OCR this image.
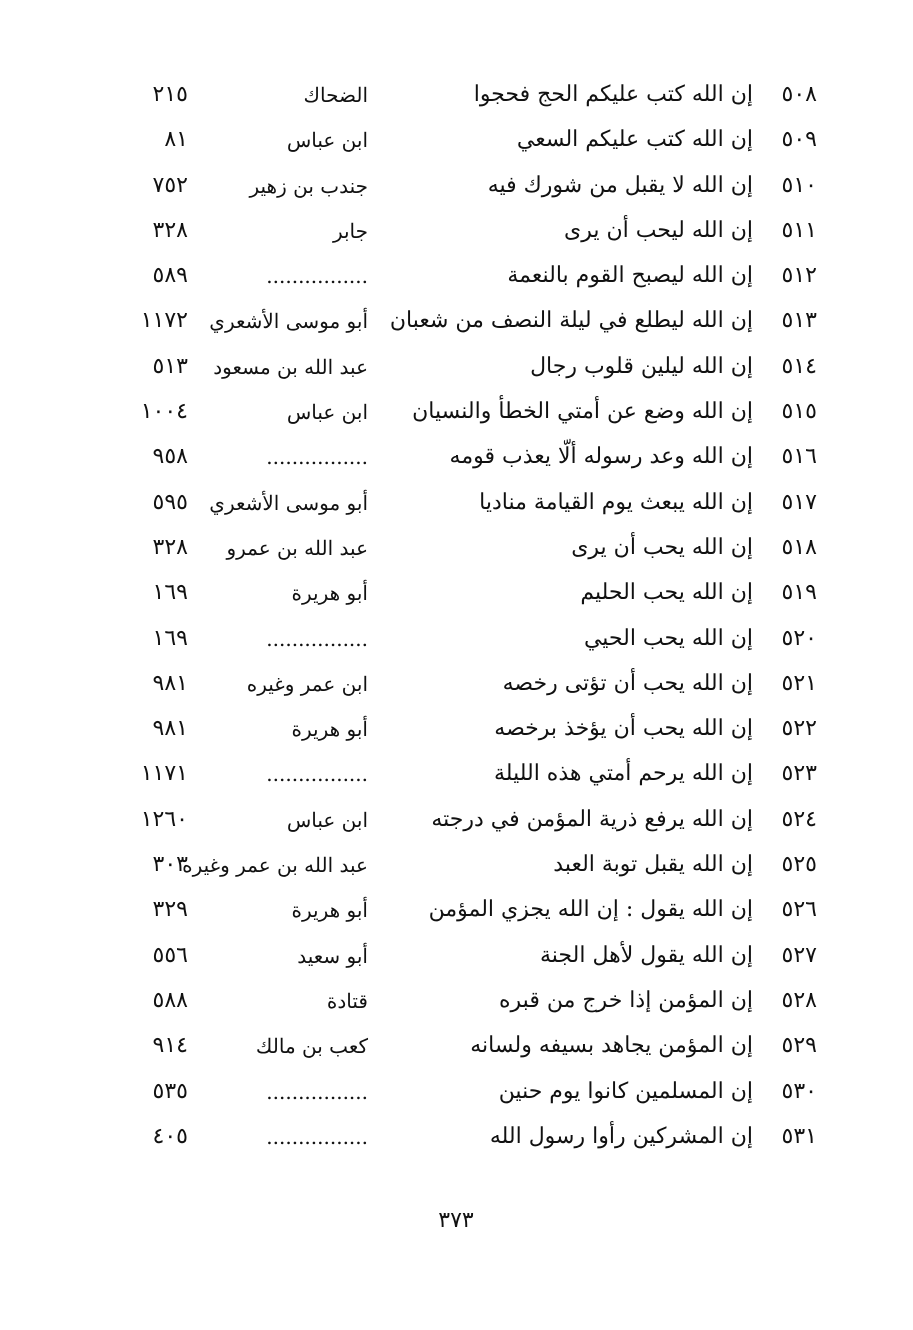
٥٠٨
إن الله كتب عليكم الحج فحجوا
الضحاك
٢١٥
٥٠٩
إن الله كتب عليكم السعي
ابن عباس
٨١
٥١٠
إن الله لا يقبل من شورك فيه
جندب بن زهير
٧٥٢
٥١١
إن الله ليحب أن يرى
جابر
٣٢٨
٥١٢
إن الله ليصبح القوم بالنعمة
................
٥٨٩
٥١٣
إن الله ليطلع في ليلة النصف من شعبان
أبو موسى الأشعري
١١٧٢
٥١٤
إن الله ليلين قلوب رجال
عبد الله بن مسعود
٥١٣
٥١٥
إن الله وضع عن أمتي الخطأ والنسيان
ابن عباس
١٠٠٤
٥١٦
إن الله وعد رسوله ألّا يعذب قومه
................
٩٥٨
٥١٧
إن الله يبعث يوم القيامة مناديا
أبو موسى الأشعري
٥٩٥
٥١٨
إن الله يحب أن يرى
عبد الله بن عمرو
٣٢٨
٥١٩
إن الله يحب الحليم
أبو هريرة
١٦٩
٥٢٠
إن الله يحب الحيي
................
١٦٩
٥٢١
إن الله يحب أن تؤتى رخصه
ابن عمر وغيره
٩٨١
٥٢٢
إن الله يحب أن يؤخذ برخصه
أبو هريرة
٩٨١
٥٢٣
إن الله يرحم أمتي هذه الليلة
................
١١٧١
٥٢٤
إن الله يرفع ذرية المؤمن في درجته
ابن عباس
١٢٦٠
٥٢٥
إن الله يقبل توبة العبد
عبد الله بن عمر وغيره
٣٠٣
٥٢٦
إن الله يقول : إن الله يجزي المؤمن
أبو هريرة
٣٢٩
٥٢٧
إن الله يقول لأهل الجنة
أبو سعيد
٥٥٦
٥٢٨
إن المؤمن إذا خرج من قبره
قتادة
٥٨٨
٥٢٩
إن المؤمن يجاهد بسيفه ولسانه
كعب بن مالك
٩١٤
٥٣٠
إن المسلمين كانوا يوم حنين
................
٥٣٥
٥٣١
إن المشركين رأوا رسول الله
................
٤٠٥
٣٧٣
